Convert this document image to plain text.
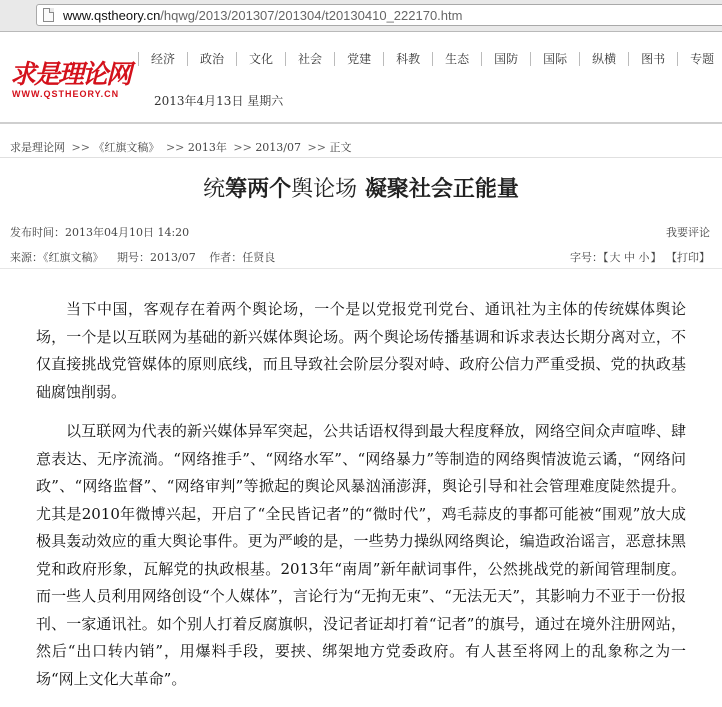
www.qstheory.cn/hqwg/2013/201307/201304/t20130410_222170.htm
求是理论网
WWW.QSTHEORY.CN
经济	政治	文化	社会	党建	科教	生态	国防	国际	纵横	图书	专题
2013年4月13日 星期六
求是理论网 >> 《红旗文稿》 >> 2013年 >> 2013/07 >> 正文
统筹两个舆论场 凝聚社会正能量
发布时间：2013年04月10日 14:20	我要评论
来源：《红旗文稿》 期号：2013/07 作者：任贤良	字号：【大 中 小】 【打印】

当下中国，客观存在着两个舆论场，一个是以党报党刊党台、通讯社为主体的传统媒体舆论场，一个是以互联网为基础的新兴媒体舆论场。两个舆论场传播基调和诉求表达长期分离对立，不仅直接挑战党管媒体的原则底线，而且导致社会阶层分裂对峙、政府公信力严重受损、党的执政基础腐蚀削弱。

以互联网为代表的新兴媒体异军突起，公共话语权得到最大程度释放，网络空间众声喧哗、肆意表达、无序流淌。“网络推手”、“网络水军”、“网络暴力”等制造的网络舆情波诡云谲，“网络问政”、“网络监督”、“网络审判”等掀起的舆论风暴汹涌澎湃，舆论引导和社会管理难度陡然提升。尤其是2010年微博兴起，开启了“全民皆记者”的“微时代”，鸡毛蒜皮的事都可能被“围观”放大成极具轰动效应的重大舆论事件。更为严峻的是，一些势力操纵网络舆论，编造政治谣言，恶意抹黑党和政府形象，瓦解党的执政根基。2013年“南周”新年献词事件，公然挑战党的新闻管理制度。而一些人员利用网络创设“个人媒体”，言论行为“无拘无束”、“无法无天”，其影响力不亚于一份报刊、一家通讯社。如个别人打着反腐旗帜，没记者证却打着“记者”的旗号，通过在境外注册网站，然后“出口转内销”，用爆料手段，要挟、绑架地方党委政府。有人甚至将网上的乱象称之为一场“网上文化大革命”。
